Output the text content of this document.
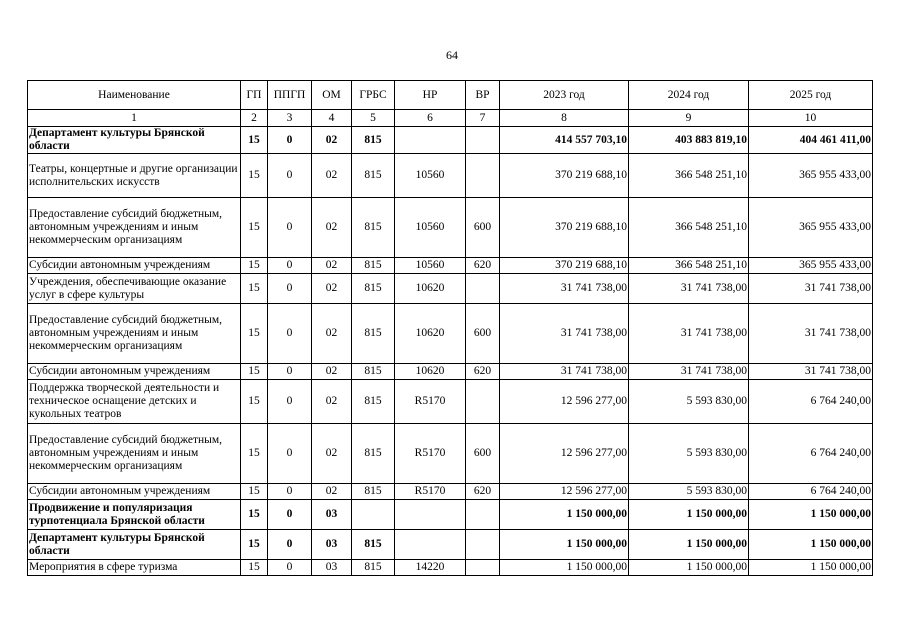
64
Наименование	ГП	ППГП	ОМ	ГРБС	НР	ВР	2023 год	2024 год	2025 год
1	2	3	4	5	6	7	8	9	10
Департамент культуры Брянской области	15	0	02	815			414 557 703,10	403 883 819,10	404 461 411,00
Театры, концертные и другие организации исполнительских искусств	15	0	02	815	10560		370 219 688,10	366 548 251,10	365 955 433,00
Предоставление субсидий бюджетным, автономным учреждениям и иным некоммерческим организациям	15	0	02	815	10560	600	370 219 688,10	366 548 251,10	365 955 433,00
Субсидии автономным учреждениям	15	0	02	815	10560	620	370 219 688,10	366 548 251,10	365 955 433,00
Учреждения, обеспечивающие оказание услуг в сфере культуры	15	0	02	815	10620		31 741 738,00	31 741 738,00	31 741 738,00
Предоставление субсидий бюджетным, автономным учреждениям и иным некоммерческим организациям	15	0	02	815	10620	600	31 741 738,00	31 741 738,00	31 741 738,00
Субсидии автономным учреждениям	15	0	02	815	10620	620	31 741 738,00	31 741 738,00	31 741 738,00
Поддержка творческой деятельности и техническое оснащение детских и кукольных театров	15	0	02	815	R5170		12 596 277,00	5 593 830,00	6 764 240,00
Предоставление субсидий бюджетным, автономным учреждениям и иным некоммерческим организациям	15	0	02	815	R5170	600	12 596 277,00	5 593 830,00	6 764 240,00
Субсидии автономным учреждениям	15	0	02	815	R5170	620	12 596 277,00	5 593 830,00	6 764 240,00
Продвижение и популяризация турпотенциала Брянской области	15	0	03				1 150 000,00	1 150 000,00	1 150 000,00
Департамент культуры Брянской области	15	0	03	815			1 150 000,00	1 150 000,00	1 150 000,00
Мероприятия в сфере туризма	15	0	03	815	14220		1 150 000,00	1 150 000,00	1 150 000,00
